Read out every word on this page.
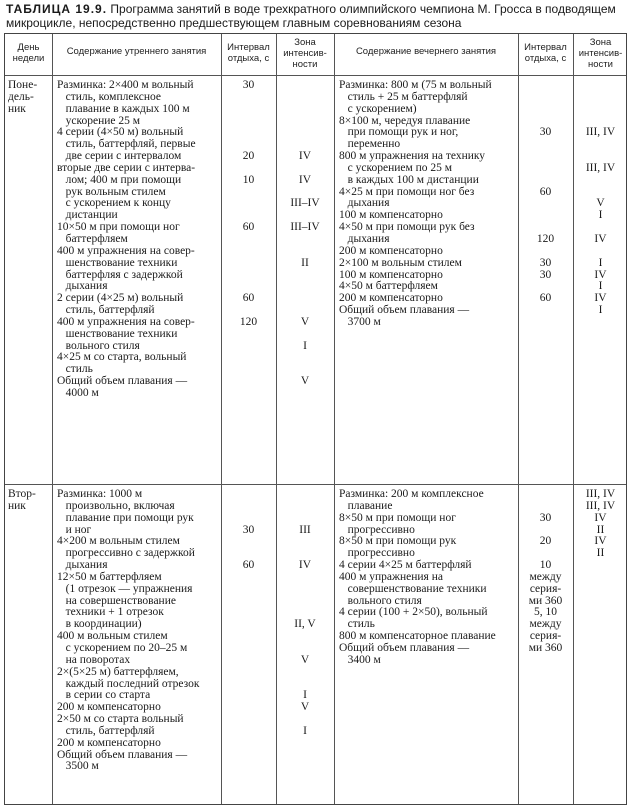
ТАБЛИЦА 19.9. Программа занятий в воде трехкратного олимпийского чемпиона М. Гросса в подводящем микроцикле, непосредственно предшествующем главным соревнованиям сезона
День
недели
Содержание утреннего занятия	Интервал
отдыха, с
Зона
интенсив-
ности
Содержание вечернего занятия	Интервал
отдыха, с
Зона
интенсив-
ности
Поне-
дель-
ник
Разминка: 2×400 м вольный
стиль, комплексное
плавание в каждых 100 м
ускорение 25 м
4 серии (4×50 м) вольный
стиль, баттерфляй, первые
две серии с интервалом
вторые две серии с интерва-
лом; 400 м при помощи
рук вольным стилем
с ускорением к концу
дистанции
10×50 м при помощи ног
баттерфляем
400 м упражнения на совер-
шенствование техники
баттерфляя с задержкой
дыхания
2 серии (4×25 м) вольный
стиль, баттерфляй
400 м упражнения на совер-
шенствование техники
вольного стиля
4×25 м со старта, вольный
стиль
Общий объем плавания —
4000 м
30

20

10

60

60

120

IV

IV

III–IV

III–IV

II

V

I

V
Разминка: 800 м (75 м вольный
стиль + 25 м баттерфляй
с ускорением)
8×100 м, чередуя плавание
при помощи рук и ног,
переменно
800 м упражнения на технику
с ускорением по 25 м
в каждых 100 м дистанции
4×25 м при помощи ног без
дыхания
100 м компенсаторно
4×50 м при помощи рук без
дыхания
200 м компенсаторно
2×100 м вольным стилем
100 м компенсаторно
4×50 м баттерфляем
200 м компенсаторно
Общий объем плавания —
3700 м

30

60

120

30
30

60

III, IV

III, IV

V
I

IV

I
IV
I
IV
I
Втор-
ник
Разминка: 1000 м
произвольно, включая
плавание при помощи рук
и ног
4×200 м вольным стилем
прогрессивно с задержкой
дыхания
12×50 м баттерфляем
(1 отрезок — упражнения
на совершенствование
техники + 1 отрезок
в координации)
400 м вольным стилем
с ускорением по 20–25 м
на поворотах
2×(5×25 м) баттерфляем,
каждый последний отрезок
в серии со старта
200 м компенсаторно
2×50 м со старта вольный
стиль, баттерфляй
200 м компенсаторно
Общий объем плавания —
3500 м

30

60

III

IV

II, V

V

I
V

I
Разминка: 200 м комплексное
плавание
8×50 м при помощи ног
прогрессивно
8×50 м при помощи рук
прогрессивно
4 серии 4×25 м баттерфляй
400 м упражнения на
совершенствование техники
вольного стиля
4 серии (100 + 2×50), вольный
стиль
800 м компенсаторное плавание
Общий объем плавания —
3400 м

30

20

10
между
серия-
ми 360
5, 10
между
серия-
ми 360
III, IV
III, IV
IV
II
IV
II
